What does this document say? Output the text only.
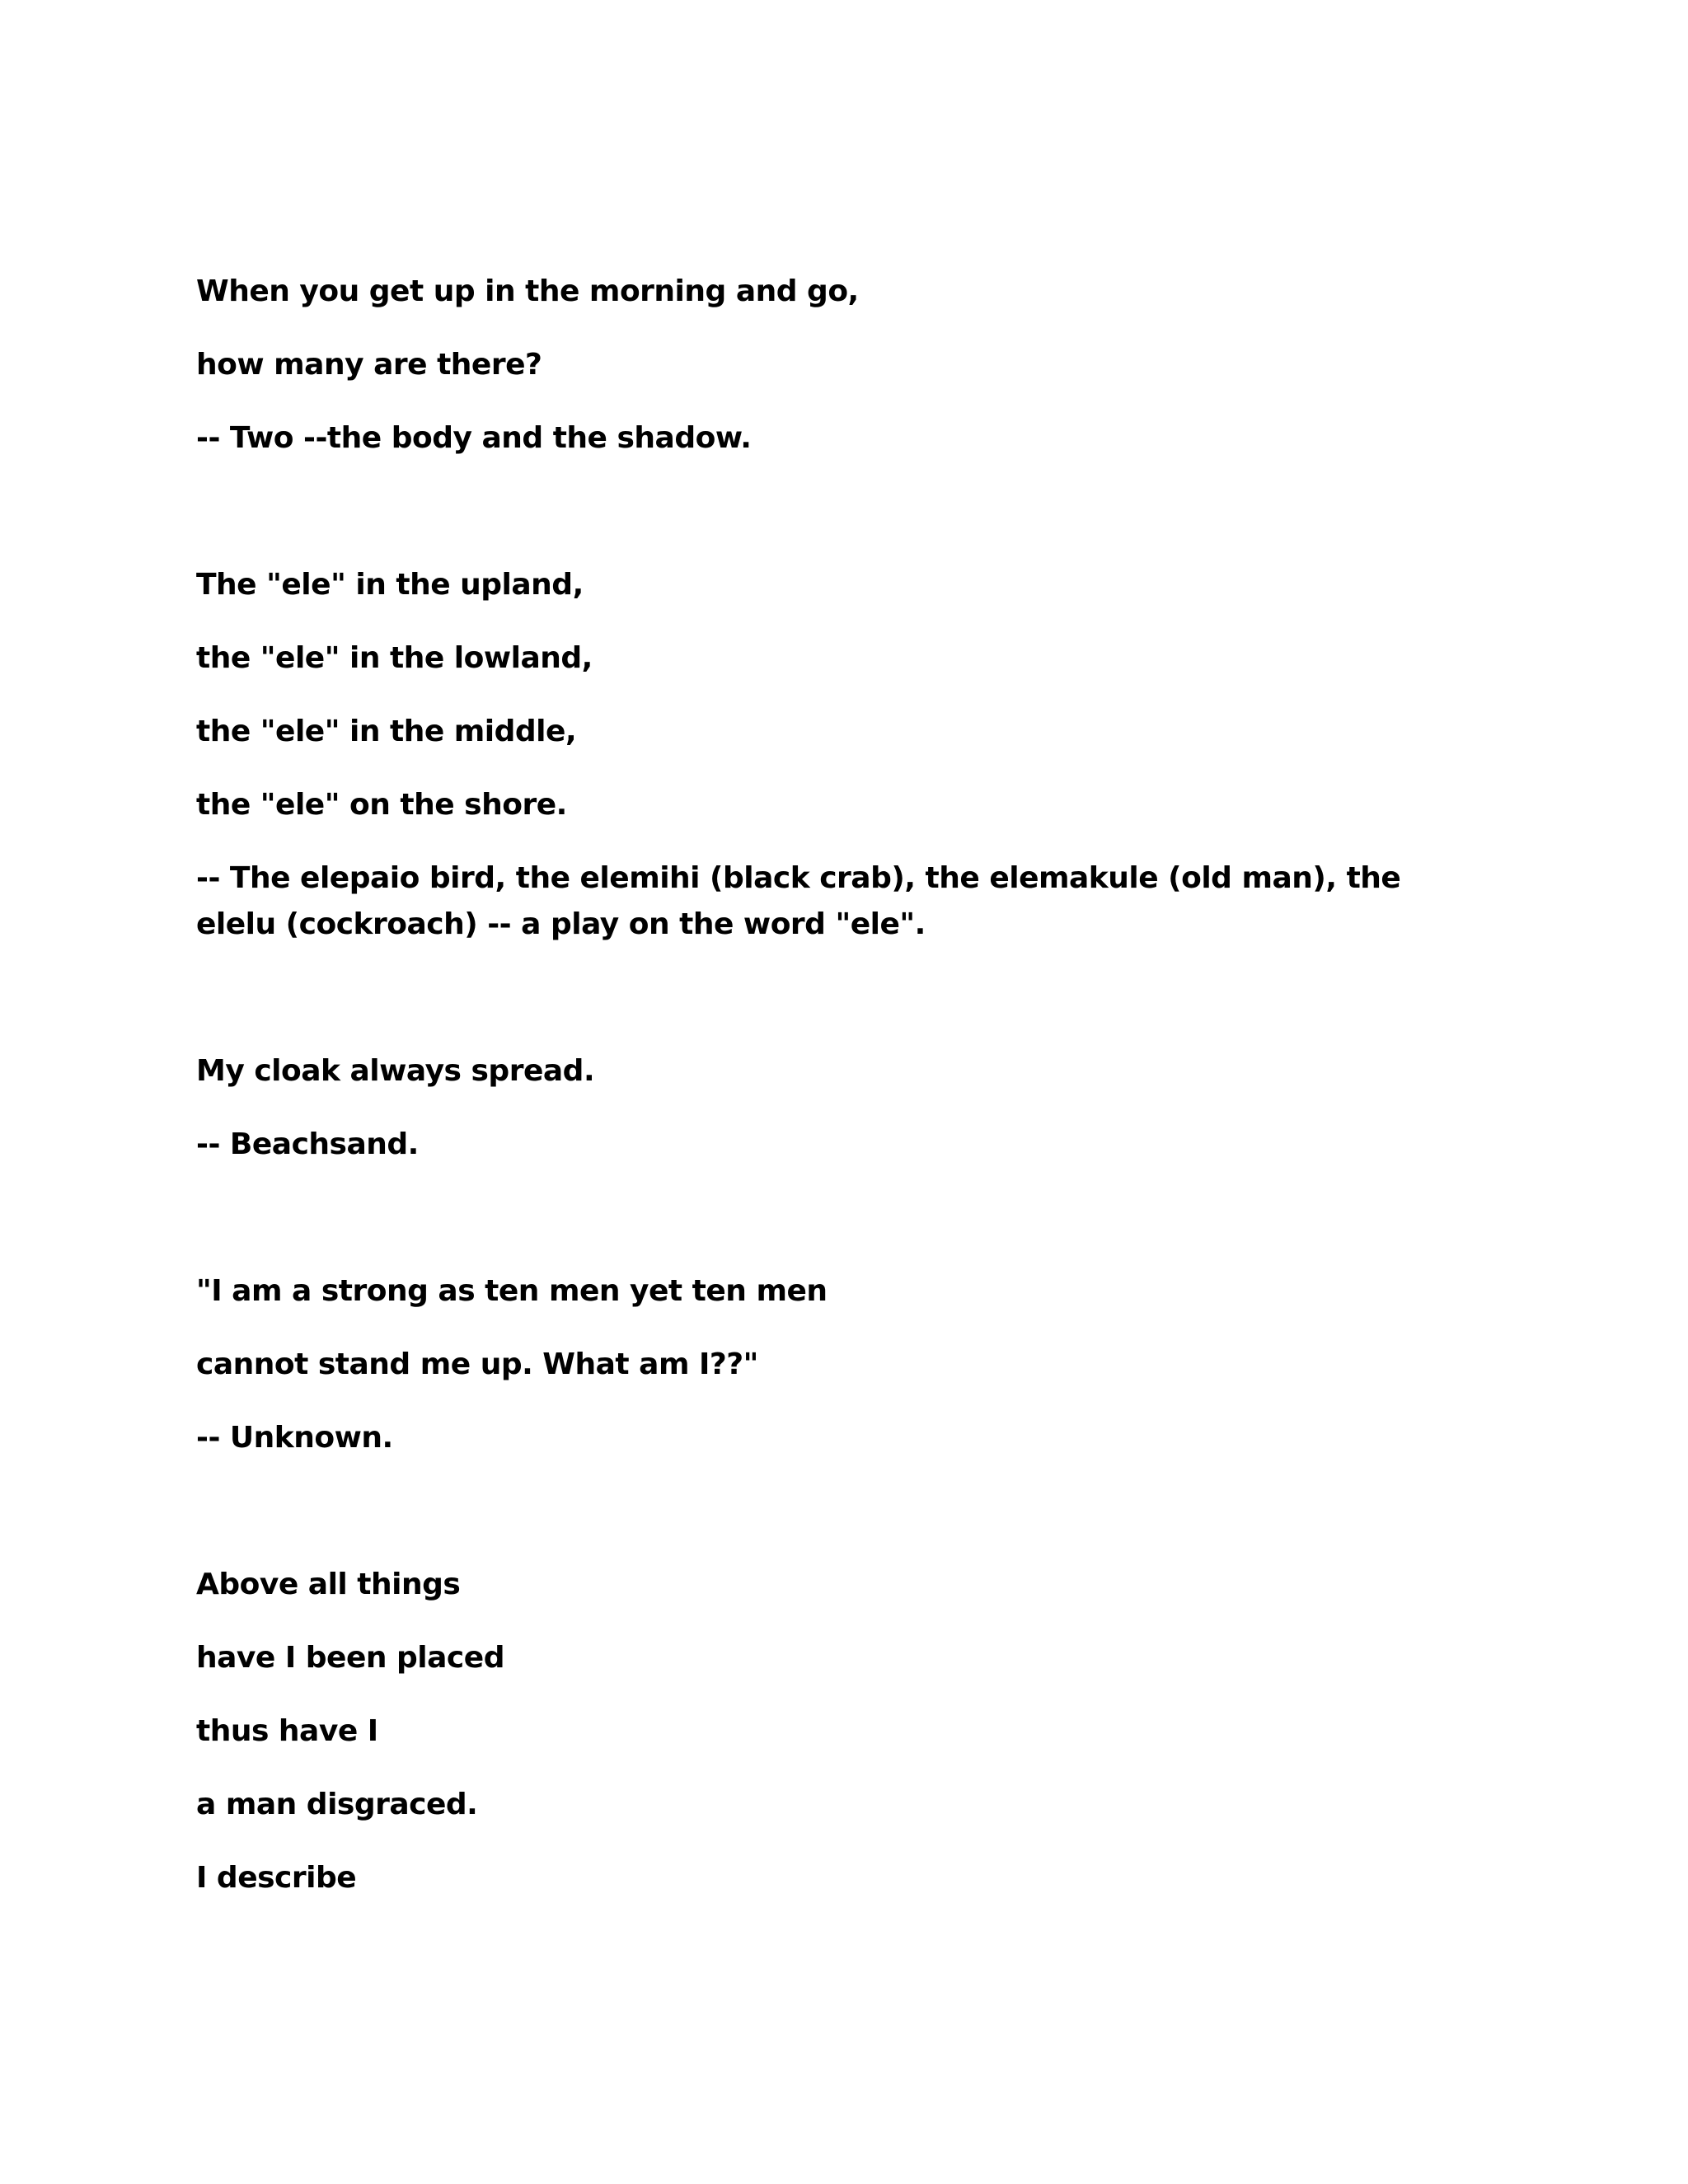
When you get up in the morning and go,
how many are there?
-- Two --the body and the shadow.
The "ele" in the upland,
the "ele" in the lowland,
the "ele" in the middle,
the "ele" on the shore.
-- The elepaio bird, the elemihi (black crab), the elemakule (old man), the elelu (cockroach) -- a play on the word "ele".
My cloak always spread.
-- Beachsand.
"I am a strong as ten men yet ten men
cannot stand me up. What am I??"
-- Unknown.
Above all things
have I been placed
thus have I
a man disgraced.
I describe
